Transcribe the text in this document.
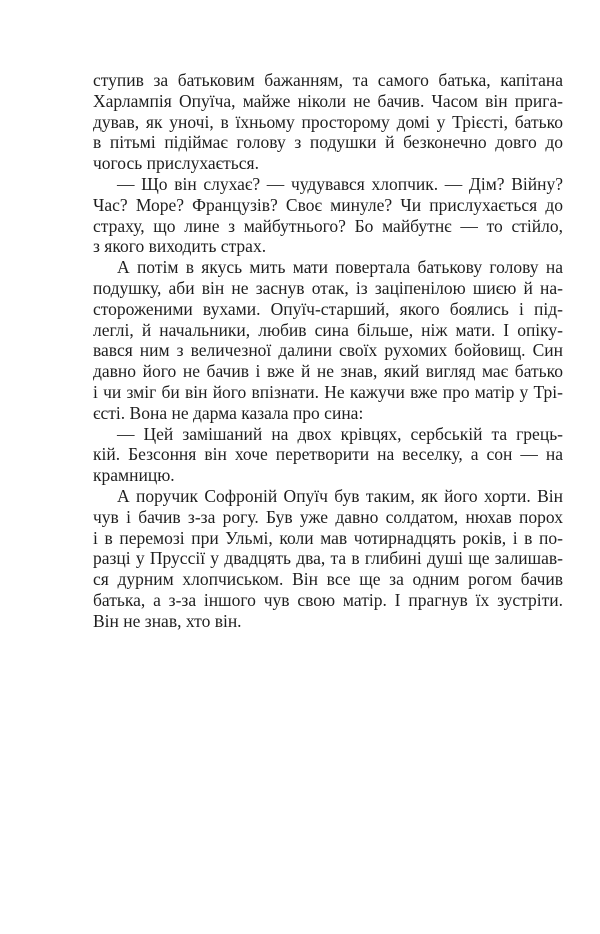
ступив за батьковим бажанням, та самого батька, капітана
Харлампія Опуїча, майже ніколи не бачив. Часом він прига-
дував, як уночі, в їхньому просторому домі у Трієсті, батько
в пітьмі підіймає голову з подушки й безконечно довго до
чогось прислухається.
— Що він слухає? — чудувався хлопчик. — Дім? Війну?
Час? Море? Французів? Своє минуле? Чи прислухається до
страху, що лине з майбутнього? Бо майбутнє — то стійло,
з якого виходить страх.
А потім в якусь мить мати повертала батькову голову на
подушку, аби він не заснув отак, із заціпенілою шиєю й на-
стороженими вухами. Опуїч-старший, якого боялись і під-
леглі, й начальники, любив сина більше, ніж мати. І опіку-
вався ним з величезної далини своїх рухомих бойовищ. Син
давно його не бачив і вже й не знав, який вигляд має батько
і чи зміг би він його впізнати. Не кажучи вже про матір у Трі-
єсті. Вона не дарма казала про сина:
— Цей замішаний на двох крівцях, сербській та грець-
кій. Безсоння він хоче перетворити на веселку, а сон — на
крамницю.
А поручик Софроній Опуїч був таким, як його хорти. Він
чув і бачив з-за рогу. Був уже давно солдатом, нюхав порох
і в перемозі при Ульмі, коли мав чотирнадцять років, і в по-
разці у Пруссії у двадцять два, та в глибині душі ще залишав-
ся дурним хлопчиськом. Він все ще за одним рогом бачив
батька, а з-за іншого чув свою матір. І прагнув їх зустріти.
Він не знав, хто він.
